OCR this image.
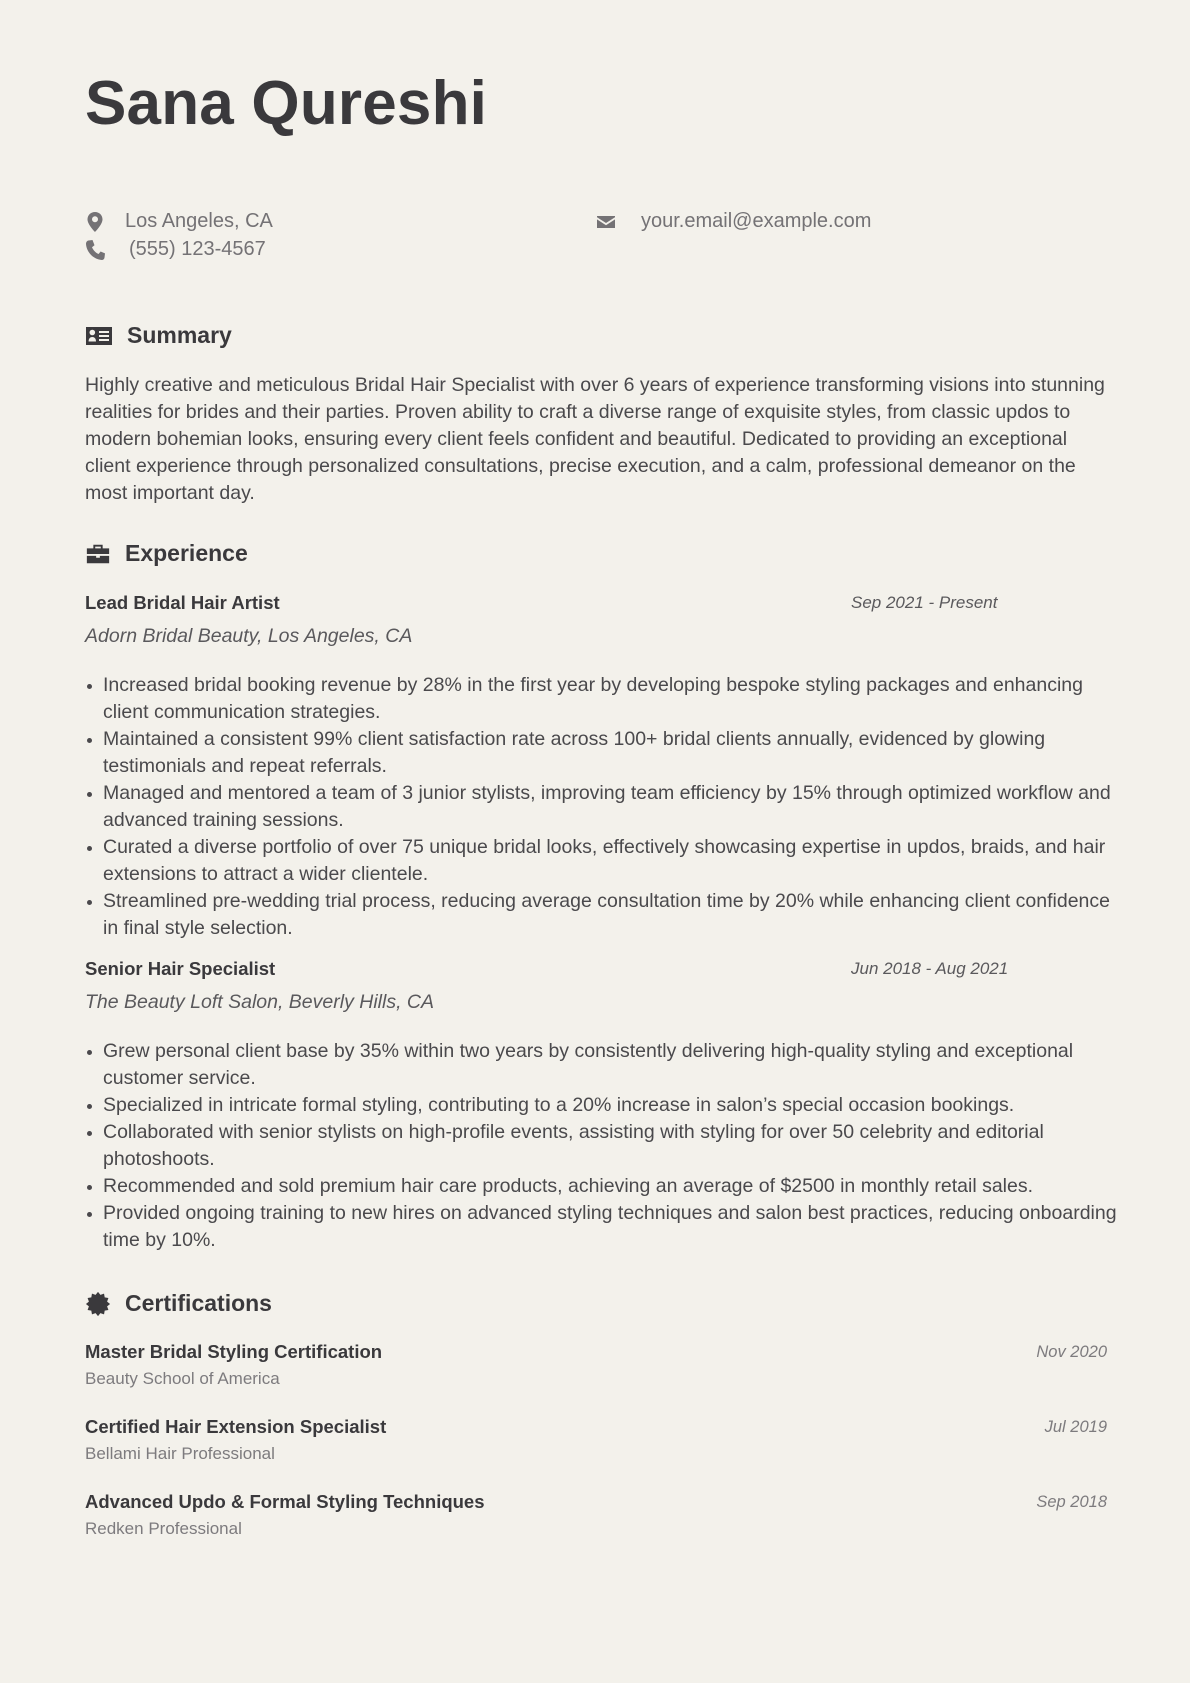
Sana Qureshi
Los Angeles, CA
(555) 123-4567
your.email@example.com
Summary

Highly creative and meticulous Bridal Hair Specialist with over 6 years of experience transforming visions into stunning realities for brides and their parties. Proven ability to craft a diverse range of exquisite styles, from classic updos to modern bohemian looks, ensuring every client feels confident and beautiful. Dedicated to providing an exceptional client experience through personalized consultations, precise execution, and a calm, professional demeanor on the most important day.

Experience

Lead Bridal Hair Artist	Sep 2021 - Present

Adorn Bridal Beauty, Los Angeles, CA

Increased bridal booking revenue by 28% in the first year by developing bespoke styling packages and enhancing client communication strategies.
Maintained a consistent 99% client satisfaction rate across 100+ bridal clients annually, evidenced by glowing testimonials and repeat referrals.
Managed and mentored a team of 3 junior stylists, improving team efficiency by 15% through optimized workflow and advanced training sessions.
Curated a diverse portfolio of over 75 unique bridal looks, effectively showcasing expertise in updos, braids, and hair extensions to attract a wider clientele.
Streamlined pre-wedding trial process, reducing average consultation time by 20% while enhancing client confidence in final style selection.

Senior Hair Specialist	Jun 2018 - Aug 2021

The Beauty Loft Salon, Beverly Hills, CA

Grew personal client base by 35% within two years by consistently delivering high-quality styling and exceptional customer service.
Specialized in intricate formal styling, contributing to a 20% increase in salon’s special occasion bookings.
Collaborated with senior stylists on high-profile events, assisting with styling for over 50 celebrity and editorial photoshoots.
Recommended and sold premium hair care products, achieving an average of $2500 in monthly retail sales.
Provided ongoing training to new hires on advanced styling techniques and salon best practices, reducing onboarding time by 10%.
Certifications

Master Bridal Styling Certification

Beauty School of America

Nov 2020

Certified Hair Extension Specialist

Bellami Hair Professional

Jul 2019

Advanced Updo & Formal Styling Techniques

Redken Professional

Sep 2018
